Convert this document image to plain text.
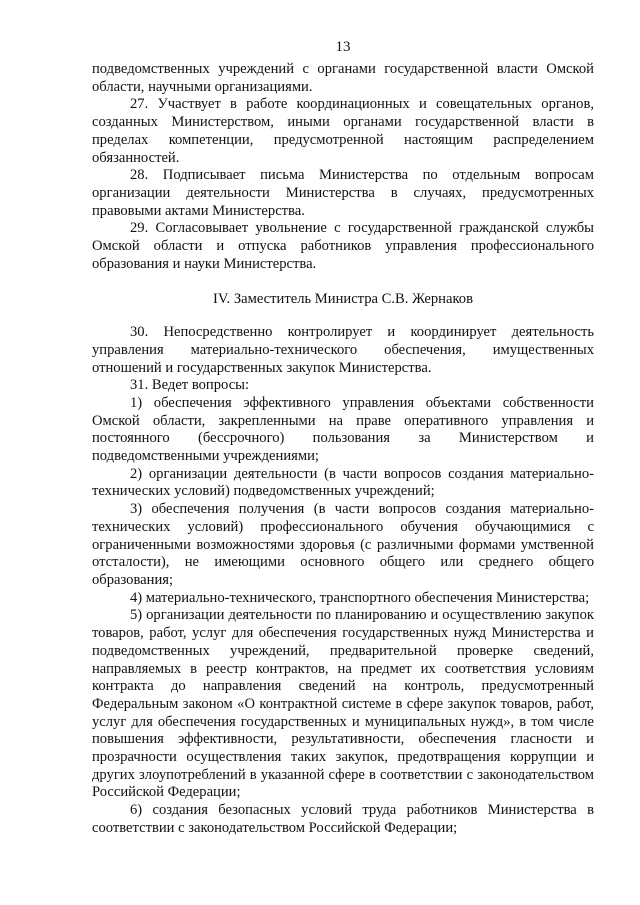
13

подведомственных учреждений с органами государственной власти Омской области, научными организациями.

27. Участвует в работе координационных и совещательных органов, созданных Министерством, иными органами государственной власти в пределах компетенции, предусмотренной настоящим распределением обязанностей.

28. Подписывает письма Министерства по отдельным вопросам организации деятельности Министерства в случаях, предусмотренных правовыми актами Министерства.

29. Согласовывает увольнение с государственной гражданской службы Омской области и отпуска работников управления профессионального образования и науки Министерства.

IV. Заместитель Министра С.В. Жернаков

30. Непосредственно контролирует и координирует деятельность управления материально-технического обеспечения, имущественных отношений и государственных закупок Министерства.

31. Ведет вопросы:

1) обеспечения эффективного управления объектами собственности Омской области, закрепленными на праве оперативного управления и постоянного (бессрочного) пользования за Министерством и подведомственными учреждениями;

2) организации деятельности (в части вопросов создания материально-технических условий) подведомственных учреждений;

3) обеспечения получения (в части вопросов создания материально-технических условий) профессионального обучения обучающимися с ограниченными возможностями здоровья (с различными формами умственной отсталости), не имеющими основного общего или среднего общего образования;

4) материально-технического, транспортного обеспечения Министерства;

5) организации деятельности по планированию и осуществлению закупок товаров, работ, услуг для обеспечения государственных нужд Министерства и подведомственных учреждений, предварительной проверке сведений, направляемых в реестр контрактов, на предмет их соответствия условиям контракта до направления сведений на контроль, предусмотренный Федеральным законом «О контрактной системе в сфере закупок товаров, работ, услуг для обеспечения государственных и муниципальных нужд», в том числе повышения эффективности, результативности, обеспечения гласности и прозрачности осуществления таких закупок, предотвращения коррупции и других злоупотреблений в указанной сфере в соответствии с законодательством Российской Федерации;

6) создания безопасных условий труда работников Министерства в соответствии с законодательством Российской Федерации;
